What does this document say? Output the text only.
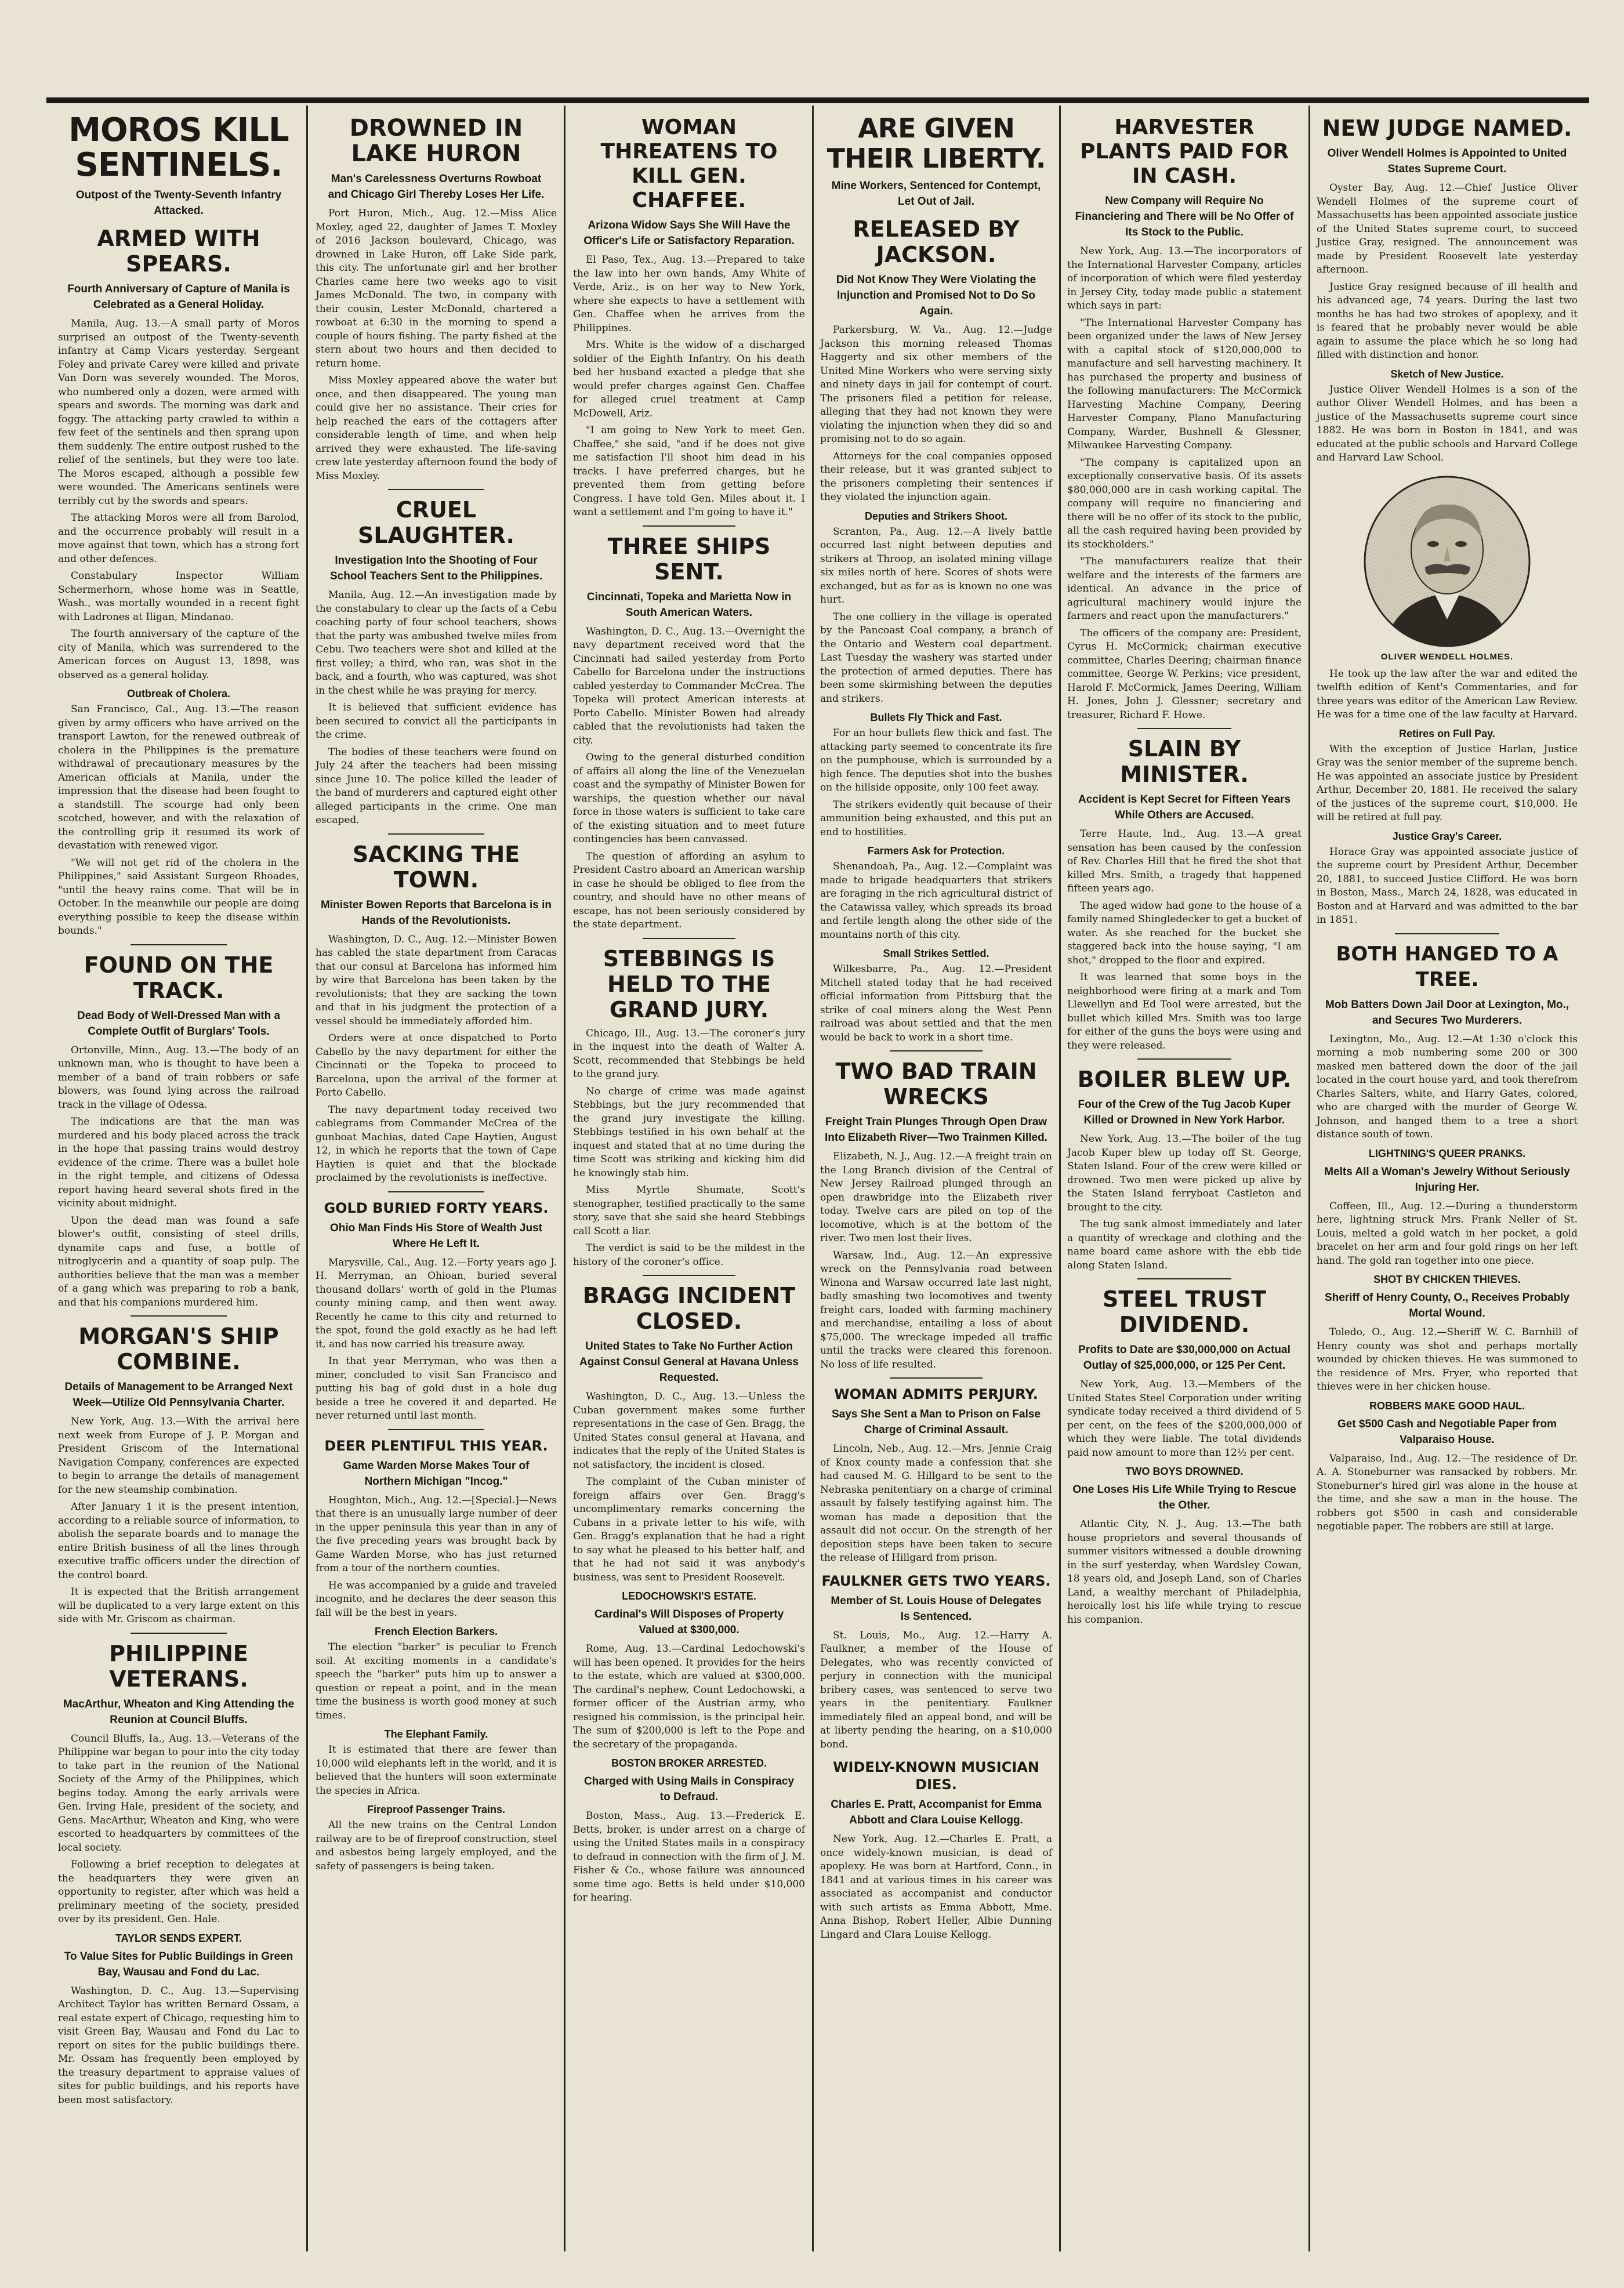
MOROS KILL SENTINELS.
Outpost of the Twenty-Seventh Infantry Attacked.
ARMED WITH SPEARS.
Fourth Anniversary of Capture of Manila is Celebrated as a General Holiday.

Manila, Aug. 13.—A small party of Moros surprised an outpost of the Twenty-seventh infantry at Camp Vicars yesterday. Sergeant Foley and private Carey were killed and private Van Dorn was severely wounded. The Moros, who numbered only a dozen, were armed with spears and swords. The morning was dark and foggy. The attacking party crawled to within a few feet of the sentinels and then sprang upon them suddenly. The entire outpost rushed to the relief of the sentinels, but they were too late. The Moros escaped, although a possible few were wounded. The Americans sentinels were terribly cut by the swords and spears.

The attacking Moros were all from Barolod, and the occurrence probably will result in a move against that town, which has a strong fort and other defences.

Constabulary Inspector William Schermerhorn, whose home was in Seattle, Wash., was mortally wounded in a recent fight with Ladrones at Iligan, Mindanao.

The fourth anniversary of the capture of the city of Manila, which was surrendered to the American forces on August 13, 1898, was observed as a general holiday.

Outbreak of Cholera.

San Francisco, Cal., Aug. 13.—The reason given by army officers who have arrived on the transport Lawton, for the renewed outbreak of cholera in the Philippines is the premature withdrawal of precautionary measures by the American officials at Manila, under the impression that the disease had been fought to a standstill. The scourge had only been scotched, however, and with the relaxation of the controlling grip it resumed its work of devastation with renewed vigor.

"We will not get rid of the cholera in the Philippines," said Assistant Surgeon Rhoades, "until the heavy rains come. That will be in October. In the meanwhile our people are doing everything possible to keep the disease within bounds."

FOUND ON THE TRACK.
Dead Body of Well-Dressed Man with a Complete Outfit of Burglars' Tools.

Ortonville, Minn., Aug. 13.—The body of an unknown man, who is thought to have been a member of a band of train robbers or safe blowers, was found lying across the railroad track in the village of Odessa.

The indications are that the man was murdered and his body placed across the track in the hope that passing trains would destroy evidence of the crime. There was a bullet hole in the right temple, and citizens of Odessa report having heard several shots fired in the vicinity about midnight.

Upon the dead man was found a safe blower's outfit, consisting of steel drills, dynamite caps and fuse, a bottle of nitroglycerin and a quantity of soap pulp. The authorities believe that the man was a member of a gang which was preparing to rob a bank, and that his companions murdered him.

MORGAN'S SHIP COMBINE.
Details of Management to be Arranged Next Week—Utilize Old Pennsylvania Charter.

New York, Aug. 13.—With the arrival here next week from Europe of J. P. Morgan and President Griscom of the International Navigation Company, conferences are expected to begin to arrange the details of management for the new steamship combination.

After January 1 it is the present intention, according to a reliable source of information, to abolish the separate boards and to manage the entire British business of all the lines through executive traffic officers under the direction of the control board.

It is expected that the British arrangement will be duplicated to a very large extent on this side with Mr. Griscom as chairman.

PHILIPPINE VETERANS.
MacArthur, Wheaton and King Attending the Reunion at Council Bluffs.

Council Bluffs, Ia., Aug. 13.—Veterans of the Philippine war began to pour into the city today to take part in the reunion of the National Society of the Army of the Philippines, which begins today. Among the early arrivals were Gen. Irving Hale, president of the society, and Gens. MacArthur, Wheaton and King, who were escorted to headquarters by committees of the local society.

Following a brief reception to delegates at the headquarters they were given an opportunity to register, after which was held a preliminary meeting of the society, presided over by its president, Gen. Hale.

TAYLOR SENDS EXPERT.
To Value Sites for Public Buildings in Green Bay, Wausau and Fond du Lac.

Washington, D. C., Aug. 13.—Supervising Architect Taylor has written Bernard Ossam, a real estate expert of Chicago, requesting him to visit Green Bay, Wausau and Fond du Lac to report on sites for the public buildings there. Mr. Ossam has frequently been employed by the treasury department to appraise values of sites for public buildings, and his reports have been most satisfactory.

DROWNED IN LAKE HURON
Man's Carelessness Overturns Rowboat and Chicago Girl Thereby Loses Her Life.

Port Huron, Mich., Aug. 12.—Miss Alice Moxley, aged 22, daughter of James T. Moxley of 2016 Jackson boulevard, Chicago, was drowned in Lake Huron, off Lake Side park, this city. The unfortunate girl and her brother Charles came here two weeks ago to visit James McDonald. The two, in company with their cousin, Lester McDonald, chartered a rowboat at 6:30 in the morning to spend a couple of hours fishing. The party fished at the stern about two hours and then decided to return home.

Miss Moxley appeared above the water but once, and then disappeared. The young man could give her no assistance. Their cries for help reached the ears of the cottagers after considerable length of time, and when help arrived they were exhausted. The life-saving crew late yesterday afternoon found the body of Miss Moxley.

CRUEL SLAUGHTER.
Investigation Into the Shooting of Four School Teachers Sent to the Philippines.

Manila, Aug. 12.—An investigation made by the constabulary to clear up the facts of a Cebu coaching party of four school teachers, shows that the party was ambushed twelve miles from Cebu. Two teachers were shot and killed at the first volley; a third, who ran, was shot in the back, and a fourth, who was captured, was shot in the chest while he was praying for mercy.

It is believed that sufficient evidence has been secured to convict all the participants in the crime.

The bodies of these teachers were found on July 24 after the teachers had been missing since June 10. The police killed the leader of the band of murderers and captured eight other alleged participants in the crime. One man escaped.

SACKING THE TOWN.
Minister Bowen Reports that Barcelona is in Hands of the Revolutionists.

Washington, D. C., Aug. 12.—Minister Bowen has cabled the state department from Caracas that our consul at Barcelona has informed him by wire that Barcelona has been taken by the revolutionists; that they are sacking the town and that in his judgment the protection of a vessel should be immediately afforded him.

Orders were at once dispatched to Porto Cabello by the navy department for either the Cincinnati or the Topeka to proceed to Barcelona, upon the arrival of the former at Porto Cabello.

The navy department today received two cablegrams from Commander McCrea of the gunboat Machias, dated Cape Haytien, August 12, in which he reports that the town of Cape Haytien is quiet and that the blockade proclaimed by the revolutionists is ineffective.

GOLD BURIED FORTY YEARS.
Ohio Man Finds His Store of Wealth Just Where He Left It.

Marysville, Cal., Aug. 12.—Forty years ago J. H. Merryman, an Ohioan, buried several thousand dollars' worth of gold in the Plumas county mining camp, and then went away. Recently he came to this city and returned to the spot, found the gold exactly as he had left it, and has now carried his treasure away.

In that year Merryman, who was then a miner, concluded to visit San Francisco and putting his bag of gold dust in a hole dug beside a tree he covered it and departed. He never returned until last month.

DEER PLENTIFUL THIS YEAR.
Game Warden Morse Makes Tour of Northern Michigan "Incog."

Houghton, Mich., Aug. 12.—[Special.]—News that there is an unusually large number of deer in the upper peninsula this year than in any of the five preceding years was brought back by Game Warden Morse, who has just returned from a tour of the northern counties.

He was accompanied by a guide and traveled incognito, and he declares the deer season this fall will be the best in years.

French Election Barkers.

The election "barker" is peculiar to French soil. At exciting moments in a candidate's speech the "barker" puts him up to answer a question or repeat a point, and in the mean time the business is worth good money at such times.

The Elephant Family.

It is estimated that there are fewer than 10,000 wild elephants left in the world, and it is believed that the hunters will soon exterminate the species in Africa.

Fireproof Passenger Trains.

All the new trains on the Central London railway are to be of fireproof construction, steel and asbestos being largely employed, and the safety of passengers is being taken.

WOMAN THREATENS TO KILL GEN. CHAFFEE.
Arizona Widow Says She Will Have the Officer's Life or Satisfactory Reparation.

El Paso, Tex., Aug. 13.—Prepared to take the law into her own hands, Amy White of Verde, Ariz., is on her way to New York, where she expects to have a settlement with Gen. Chaffee when he arrives from the Philippines.

Mrs. White is the widow of a discharged soldier of the Eighth Infantry. On his death bed her husband exacted a pledge that she would prefer charges against Gen. Chaffee for alleged cruel treatment at Camp McDowell, Ariz.

"I am going to New York to meet Gen. Chaffee," she said, "and if he does not give me satisfaction I'll shoot him dead in his tracks. I have preferred charges, but he prevented them from getting before Congress. I have told Gen. Miles about it. I want a settlement and I'm going to have it."

THREE SHIPS SENT.
Cincinnati, Topeka and Marietta Now in South American Waters.

Washington, D. C., Aug. 13.—Overnight the navy department received word that the Cincinnati had sailed yesterday from Porto Cabello for Barcelona under the instructions cabled yesterday to Commander McCrea. The Topeka will protect American interests at Porto Cabello. Minister Bowen had already cabled that the revolutionists had taken the city.

Owing to the general disturbed condition of affairs all along the line of the Venezuelan coast and the sympathy of Minister Bowen for warships, the question whether our naval force in those waters is sufficient to take care of the existing situation and to meet future contingencies has been canvassed.

The question of affording an asylum to President Castro aboard an American warship in case he should be obliged to flee from the country, and should have no other means of escape, has not been seriously considered by the state department.

STEBBINGS IS HELD TO THE GRAND JURY.

Chicago, Ill., Aug. 13.—The coroner's jury in the inquest into the death of Walter A. Scott, recommended that Stebbings be held to the grand jury.

No charge of crime was made against Stebbings, but the jury recommended that the grand jury investigate the killing. Stebbings testified in his own behalf at the inquest and stated that at no time during the time Scott was striking and kicking him did he knowingly stab him.

Miss Myrtle Shumate, Scott's stenographer, testified practically to the same story, save that she said she heard Stebbings call Scott a liar.

The verdict is said to be the mildest in the history of the coroner's office.

BRAGG INCIDENT CLOSED.
United States to Take No Further Action Against Consul General at Havana Unless Requested.

Washington, D. C., Aug. 13.—Unless the Cuban government makes some further representations in the case of Gen. Bragg, the United States consul general at Havana, and indicates that the reply of the United States is not satisfactory, the incident is closed.

The complaint of the Cuban minister of foreign affairs over Gen. Bragg's uncomplimentary remarks concerning the Cubans in a private letter to his wife, with Gen. Bragg's explanation that he had a right to say what he pleased to his better half, and that he had not said it was anybody's business, was sent to President Roosevelt.

LEDOCHOWSKI'S ESTATE.
Cardinal's Will Disposes of Property Valued at $300,000.

Rome, Aug. 13.—Cardinal Ledochowski's will has been opened. It provides for the heirs to the estate, which are valued at $300,000. The cardinal's nephew, Count Ledochowski, a former officer of the Austrian army, who resigned his commission, is the principal heir. The sum of $200,000 is left to the Pope and the secretary of the propaganda.

BOSTON BROKER ARRESTED.
Charged with Using Mails in Conspiracy to Defraud.

Boston, Mass., Aug. 13.—Frederick E. Betts, broker, is under arrest on a charge of using the United States mails in a conspiracy to defraud in connection with the firm of J. M. Fisher & Co., whose failure was announced some time ago. Betts is held under $10,000 for hearing.

ARE GIVEN THEIR LIBERTY.
Mine Workers, Sentenced for Contempt, Let Out of Jail.
RELEASED BY JACKSON.
Did Not Know They Were Violating the Injunction and Promised Not to Do So Again.

Parkersburg, W. Va., Aug. 12.—Judge Jackson this morning released Thomas Haggerty and six other members of the United Mine Workers who were serving sixty and ninety days in jail for contempt of court. The prisoners filed a petition for release, alleging that they had not known they were violating the injunction when they did so and promising not to do so again.

Attorneys for the coal companies opposed their release, but it was granted subject to the prisoners completing their sentences if they violated the injunction again.

Deputies and Strikers Shoot.

Scranton, Pa., Aug. 12.—A lively battle occurred last night between deputies and strikers at Throop, an isolated mining village six miles north of here. Scores of shots were exchanged, but as far as is known no one was hurt.

The one colliery in the village is operated by the Pancoast Coal company, a branch of the Ontario and Western coal department. Last Tuesday the washery was started under the protection of armed deputies. There has been some skirmishing between the deputies and strikers.

Bullets Fly Thick and Fast.

For an hour bullets flew thick and fast. The attacking party seemed to concentrate its fire on the pumphouse, which is surrounded by a high fence. The deputies shot into the bushes on the hillside opposite, only 100 feet away.

The strikers evidently quit because of their ammunition being exhausted, and this put an end to hostilities.

Farmers Ask for Protection.

Shenandoah, Pa., Aug. 12.—Complaint was made to brigade headquarters that strikers are foraging in the rich agricultural district of the Catawissa valley, which spreads its broad and fertile length along the other side of the mountains north of this city.

Small Strikes Settled.

Wilkesbarre, Pa., Aug. 12.—President Mitchell stated today that he had received official information from Pittsburg that the strike of coal miners along the West Penn railroad was about settled and that the men would be back to work in a short time.

TWO BAD TRAIN WRECKS
Freight Train Plunges Through Open Draw Into Elizabeth River—Two Trainmen Killed.

Elizabeth, N. J., Aug. 12.—A freight train on the Long Branch division of the Central of New Jersey Railroad plunged through an open drawbridge into the Elizabeth river today. Twelve cars are piled on top of the locomotive, which is at the bottom of the river. Two men lost their lives.

Warsaw, Ind., Aug. 12.—An expressive wreck on the Pennsylvania road between Winona and Warsaw occurred late last night, badly smashing two locomotives and twenty freight cars, loaded with farming machinery and merchandise, entailing a loss of about $75,000. The wreckage impeded all traffic until the tracks were cleared this forenoon. No loss of life resulted.

WOMAN ADMITS PERJURY.
Says She Sent a Man to Prison on False Charge of Criminal Assault.

Lincoln, Neb., Aug. 12.—Mrs. Jennie Craig of Knox county made a confession that she had caused M. G. Hillgard to be sent to the Nebraska penitentiary on a charge of criminal assault by falsely testifying against him. The woman has made a deposition that the assault did not occur. On the strength of her deposition steps have been taken to secure the release of Hillgard from prison.

FAULKNER GETS TWO YEARS.
Member of St. Louis House of Delegates Is Sentenced.

St. Louis, Mo., Aug. 12.—Harry A. Faulkner, a member of the House of Delegates, who was recently convicted of perjury in connection with the municipal bribery cases, was sentenced to serve two years in the penitentiary. Faulkner immediately filed an appeal bond, and will be at liberty pending the hearing, on a $10,000 bond.

WIDELY-KNOWN MUSICIAN DIES.
Charles E. Pratt, Accompanist for Emma Abbott and Clara Louise Kellogg.

New York, Aug. 12.—Charles E. Pratt, a once widely-known musician, is dead of apoplexy. He was born at Hartford, Conn., in 1841 and at various times in his career was associated as accompanist and conductor with such artists as Emma Abbott, Mme. Anna Bishop, Robert Heller, Albie Dunning Lingard and Clara Louise Kellogg.

HARVESTER PLANTS PAID FOR IN CASH.
New Company will Require No Financiering and There will be No Offer of Its Stock to the Public.

New York, Aug. 13.—The incorporators of the International Harvester Company, articles of incorporation of which were filed yesterday in Jersey City, today made public a statement which says in part:

"The International Harvester Company has been organized under the laws of New Jersey with a capital stock of $120,000,000 to manufacture and sell harvesting machinery. It has purchased the property and business of the following manufacturers: The McCormick Harvesting Machine Company, Deering Harvester Company, Plano Manufacturing Company, Warder, Bushnell & Glessner, Milwaukee Harvesting Company.

"The company is capitalized upon an exceptionally conservative basis. Of its assets $80,000,000 are in cash working capital. The company will require no financiering and there will be no offer of its stock to the public, all the cash required having been provided by its stockholders."

"The manufacturers realize that their welfare and the interests of the farmers are identical. An advance in the price of agricultural machinery would injure the farmers and react upon the manufacturers."

The officers of the company are: President, Cyrus H. McCormick; chairman executive committee, Charles Deering; chairman finance committee, George W. Perkins; vice president, Harold F. McCormick, James Deering, William H. Jones, John J. Glessner; secretary and treasurer, Richard F. Howe.

SLAIN BY MINISTER.
Accident is Kept Secret for Fifteen Years While Others are Accused.

Terre Haute, Ind., Aug. 13.—A great sensation has been caused by the confession of Rev. Charles Hill that he fired the shot that killed Mrs. Smith, a tragedy that happened fifteen years ago.

The aged widow had gone to the house of a family named Shingledecker to get a bucket of water. As she reached for the bucket she staggered back into the house saying, "I am shot," dropped to the floor and expired.

It was learned that some boys in the neighborhood were firing at a mark and Tom Llewellyn and Ed Tool were arrested, but the bullet which killed Mrs. Smith was too large for either of the guns the boys were using and they were released.

BOILER BLEW UP.
Four of the Crew of the Tug Jacob Kuper Killed or Drowned in New York Harbor.

New York, Aug. 13.—The boiler of the tug Jacob Kuper blew up today off St. George, Staten Island. Four of the crew were killed or drowned. Two men were picked up alive by the Staten Island ferryboat Castleton and brought to the city.

The tug sank almost immediately and later a quantity of wreckage and clothing and the name board came ashore with the ebb tide along Staten Island.

STEEL TRUST DIVIDEND.
Profits to Date are $30,000,000 on Actual Outlay of $25,000,000, or 125 Per Cent.

New York, Aug. 13.—Members of the United States Steel Corporation under writing syndicate today received a third dividend of 5 per cent, on the fees of the $200,000,000 of which they were liable. The total dividends paid now amount to more than 12½ per cent.

TWO BOYS DROWNED.
One Loses His Life While Trying to Rescue the Other.

Atlantic City, N. J., Aug. 13.—The bath house proprietors and several thousands of summer visitors witnessed a double drowning in the surf yesterday, when Wardsley Cowan, 18 years old, and Joseph Land, son of Charles Land, a wealthy merchant of Philadelphia, heroically lost his life while trying to rescue his companion.

NEW JUDGE NAMED.
Oliver Wendell Holmes is Appointed to United States Supreme Court.

Oyster Bay, Aug. 12.—Chief Justice Oliver Wendell Holmes of the supreme court of Massachusetts has been appointed associate justice of the United States supreme court, to succeed Justice Gray, resigned. The announcement was made by President Roosevelt late yesterday afternoon.

Justice Gray resigned because of ill health and his advanced age, 74 years. During the last two months he has had two strokes of apoplexy, and it is feared that he probably never would be able again to assume the place which he so long had filled with distinction and honor.

Sketch of New Justice.

Justice Oliver Wendell Holmes is a son of the author Oliver Wendell Holmes, and has been a justice of the Massachusetts supreme court since 1882. He was born in Boston in 1841, and was educated at the public schools and Harvard College and Harvard Law School.

OLIVER WENDELL HOLMES.

He took up the law after the war and edited the twelfth edition of Kent's Commentaries, and for three years was editor of the American Law Review. He was for a time one of the law faculty at Harvard.

Retires on Full Pay.

With the exception of Justice Harlan, Justice Gray was the senior member of the supreme bench. He was appointed an associate justice by President Arthur, December 20, 1881. He received the salary of the justices of the supreme court, $10,000. He will be retired at full pay.

Justice Gray's Career.

Horace Gray was appointed associate justice of the supreme court by President Arthur, December 20, 1881, to succeed Justice Clifford. He was born in Boston, Mass., March 24, 1828, was educated in Boston and at Harvard and was admitted to the bar in 1851.

BOTH HANGED TO A TREE.
Mob Batters Down Jail Door at Lexington, Mo., and Secures Two Murderers.

Lexington, Mo., Aug. 12.—At 1:30 o'clock this morning a mob numbering some 200 or 300 masked men battered down the door of the jail located in the court house yard, and took therefrom Charles Salters, white, and Harry Gates, colored, who are charged with the murder of George W. Johnson, and hanged them to a tree a short distance south of town.

LIGHTNING'S QUEER PRANKS.
Melts All a Woman's Jewelry Without Seriously Injuring Her.

Coffeen, Ill., Aug. 12.—During a thunderstorm here, lightning struck Mrs. Frank Neller of St. Louis, melted a gold watch in her pocket, a gold bracelet on her arm and four gold rings on her left hand. The gold ran together into one piece.

SHOT BY CHICKEN THIEVES.
Sheriff of Henry County, O., Receives Probably Mortal Wound.

Toledo, O., Aug. 12.—Sheriff W. C. Barnhill of Henry county was shot and perhaps mortally wounded by chicken thieves. He was summoned to the residence of Mrs. Fryer, who reported that thieves were in her chicken house.

ROBBERS MAKE GOOD HAUL.
Get $500 Cash and Negotiable Paper from Valparaiso House.

Valparaiso, Ind., Aug. 12.—The residence of Dr. A. A. Stoneburner was ransacked by robbers. Mr. Stoneburner's hired girl was alone in the house at the time, and she saw a man in the house. The robbers got $500 in cash and considerable negotiable paper. The robbers are still at large.
